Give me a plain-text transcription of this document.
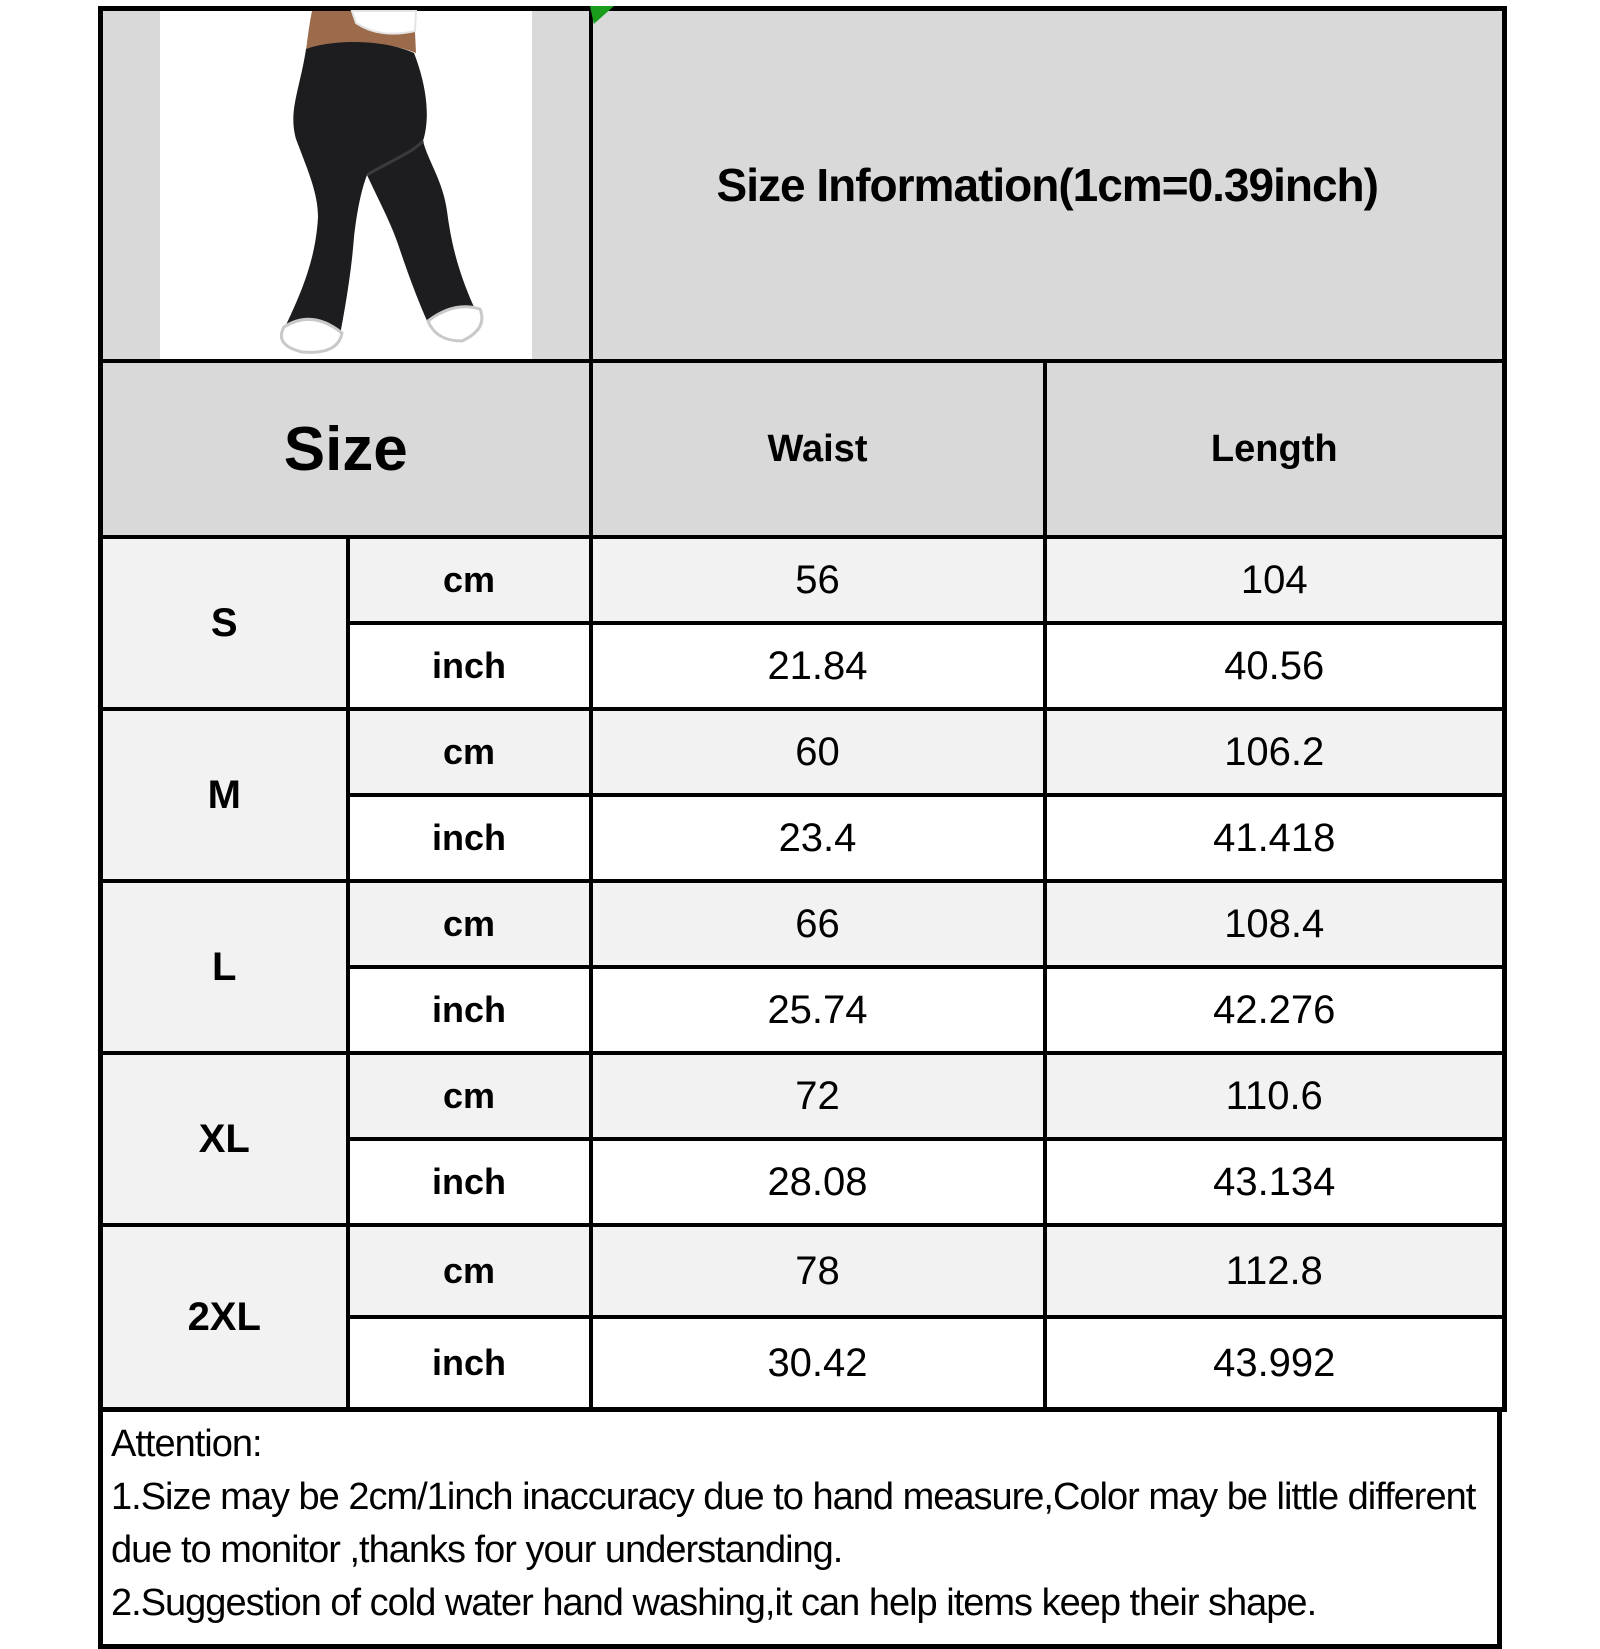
	Size Information(1cm=0.39inch)	
Size		Waist	Length
S	cm	56	104
	inch	21.84	40.56
M	cm	60	106.2
	inch	23.4	41.418
L	cm	66	108.4
	inch	25.74	42.276
XL	cm	72	110.6
	inch	28.08	43.134
2XL	cm	78	112.8
	inch	30.42	43.992
Attention:
1.Size may be 2cm/1inch inaccuracy due to hand measure,Color may be little different due to monitor ,thanks for your understanding.
2.Suggestion of cold water hand washing,it can help items keep their shape.
